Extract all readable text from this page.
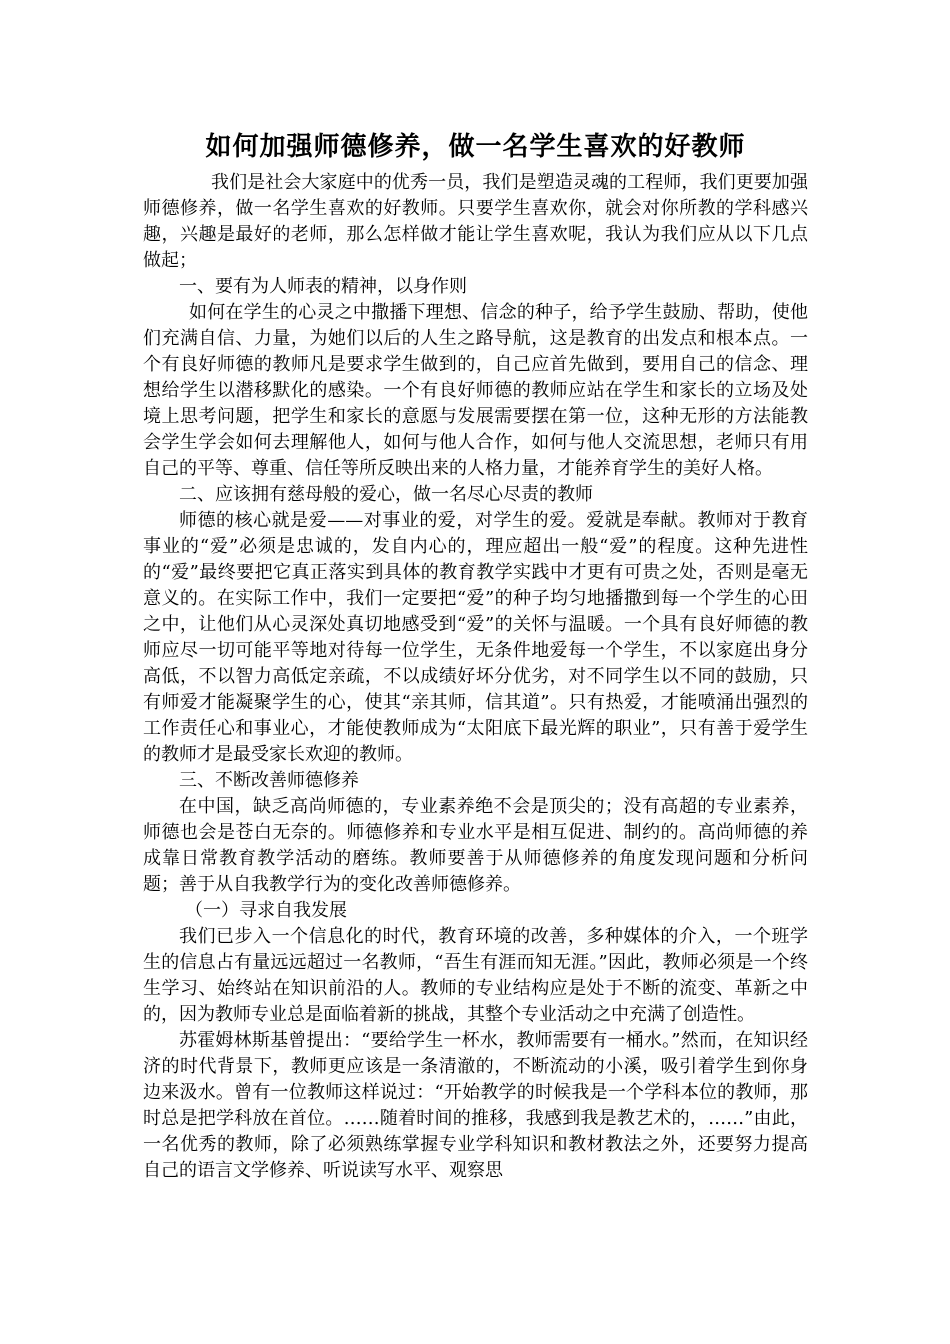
如何加强师德修养，做一名学生喜欢的好教师

我们是社会大家庭中的优秀一员，我们是塑造灵魂的工程师，我们更要加强师德修养，做一名学生喜欢的好教师。只要学生喜欢你，就会对你所教的学科感兴趣，兴趣是最好的老师，那么怎样做才能让学生喜欢呢，我认为我们应从以下几点做起；

一、要有为人师表的精神，以身作则

如何在学生的心灵之中撒播下理想、信念的种子，给予学生鼓励、帮助，使他们充满自信、力量，为她们以后的人生之路导航，这是教育的出发点和根本点。一个有良好师德的教师凡是要求学生做到的，自己应首先做到，要用自己的信念、理想给学生以潜移默化的感染。一个有良好师德的教师应站在学生和家长的立场及处境上思考问题，把学生和家长的意愿与发展需要摆在第一位，这种无形的方法能教会学生学会如何去理解他人，如何与他人合作，如何与他人交流思想，老师只有用自己的平等、尊重、信任等所反映出来的人格力量，才能养育学生的美好人格。

二、应该拥有慈母般的爱心，做一名尽心尽责的教师

师德的核心就是爱——对事业的爱，对学生的爱。爱就是奉献。教师对于教育事业的“爱”必须是忠诚的，发自内心的，理应超出一般“爱”的程度。这种先进性的“爱”最终要把它真正落实到具体的教育教学实践中才更有可贵之处，否则是毫无意义的。在实际工作中，我们一定要把“爱”的种子均匀地播撒到每一个学生的心田之中，让他们从心灵深处真切地感受到“爱”的关怀与温暖。一个具有良好师德的教师应尽一切可能平等地对待每一位学生，无条件地爱每一个学生，不以家庭出身分高低，不以智力高低定亲疏，不以成绩好坏分优劣，对不同学生以不同的鼓励，只有师爱才能凝聚学生的心，使其“亲其师，信其道”。只有热爱，才能喷涌出强烈的工作责任心和事业心，才能使教师成为“太阳底下最光辉的职业”，只有善于爱学生的教师才是最受家长欢迎的教师。

三、不断改善师德修养

在中国，缺乏高尚师德的，专业素养绝不会是顶尖的；没有高超的专业素养，师德也会是苍白无奈的。师德修养和专业水平是相互促进、制约的。高尚师德的养成靠日常教育教学活动的磨练。教师要善于从师德修养的角度发现问题和分析问题；善于从自我教学行为的变化改善师德修养。

（一）寻求自我发展

我们已步入一个信息化的时代，教育环境的改善，多种媒体的介入，一个班学生的信息占有量远远超过一名教师，“吾生有涯而知无涯。”因此，教师必须是一个终生学习、始终站在知识前沿的人。教师的专业结构应是处于不断的流变、革新之中的，因为教师专业总是面临着新的挑战，其整个专业活动之中充满了创造性。

苏霍姆林斯基曾提出：“要给学生一杯水，教师需要有一桶水。”然而，在知识经济的时代背景下，教师更应该是一条清澈的，不断流动的小溪，吸引着学生到你身边来汲水。曾有一位教师这样说过：“开始教学的时候我是一个学科本位的教师，那时总是把学科放在首位。……随着时间的推移，我感到我是教艺术的，……”由此，一名优秀的教师，除了必须熟练掌握专业学科知识和教材教法之外，还要努力提高自己的语言文学修养、听说读写水平、观察思
